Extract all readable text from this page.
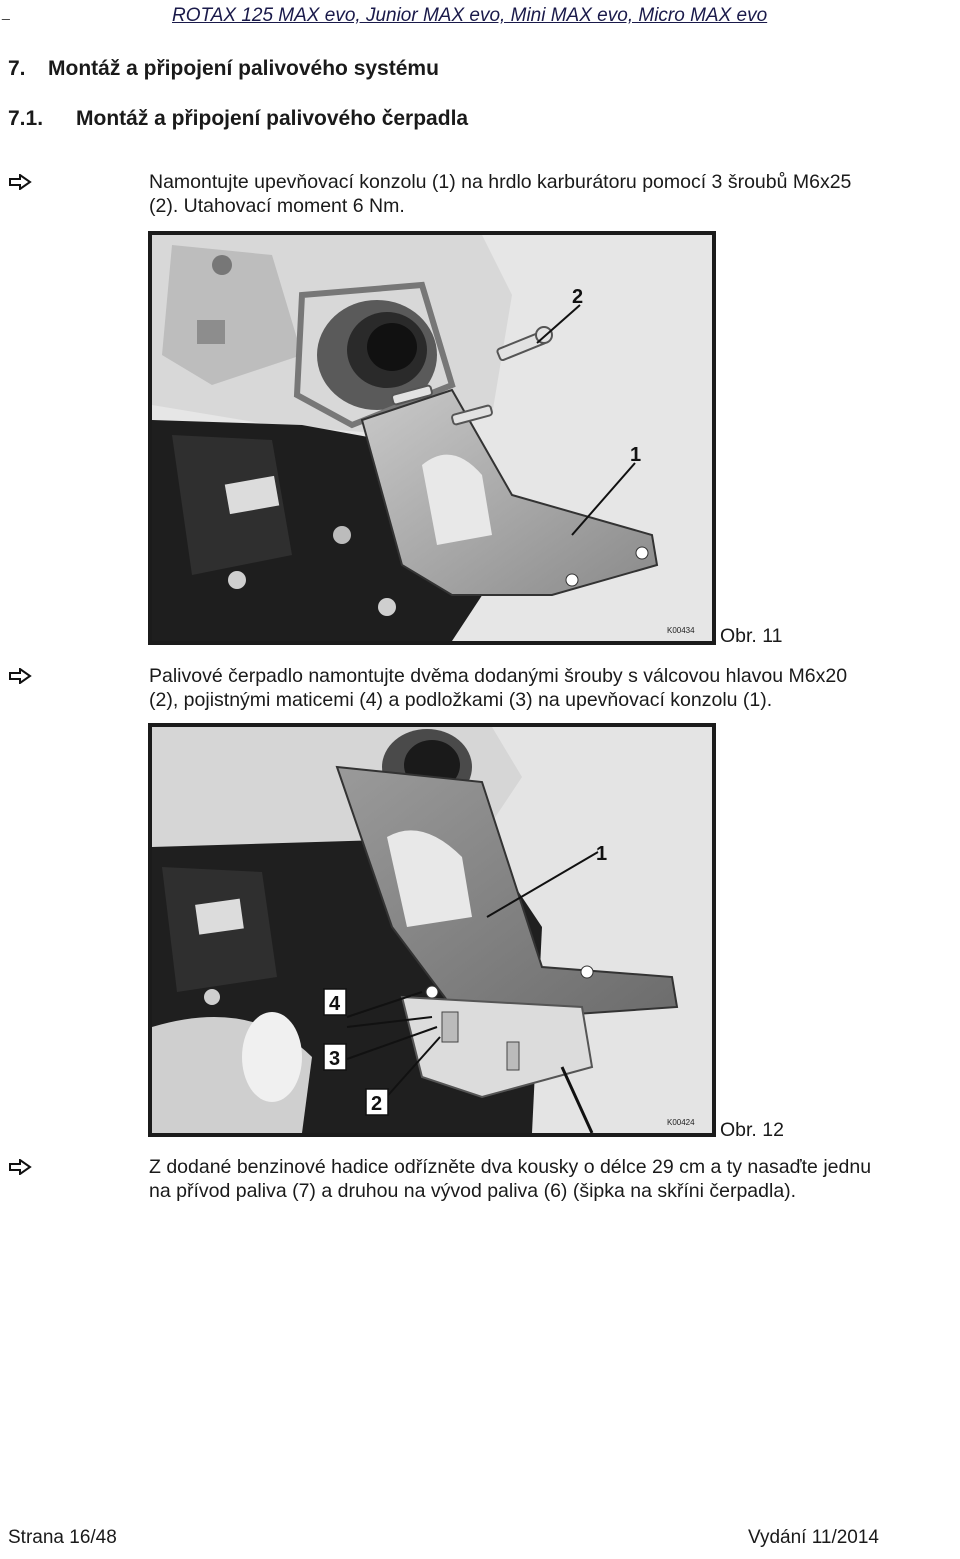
_	ROTAX 125 MAX evo, Junior MAX evo, Mini MAX evo, Micro MAX evo
7. Montáž a připojení palivového systému
7.1. Montáž a připojení palivového čerpadla
Namontujte upevňovací konzolu (1) na hrdlo karburátoru pomocí 3 šroubů M6x25
(2). Utahovací moment 6 Nm.
2
1
K00434 Obr. 11
Palivové čerpadlo namontujte dvěma dodanými šrouby s válcovou hlavou M6x20
(2), pojistnými maticemi (4) a podložkami (3) na upevňovací konzolu (1).
1
4
3
2
K00424 Obr. 12
Z dodané benzinové hadice odřízněte dva kousky o délce 29 cm a ty nasaďte jednu
na přívod paliva (7) a druhou na vývod paliva (6) (šipka na skříni čerpadla).
Strana 16/48	Vydání 11/2014
